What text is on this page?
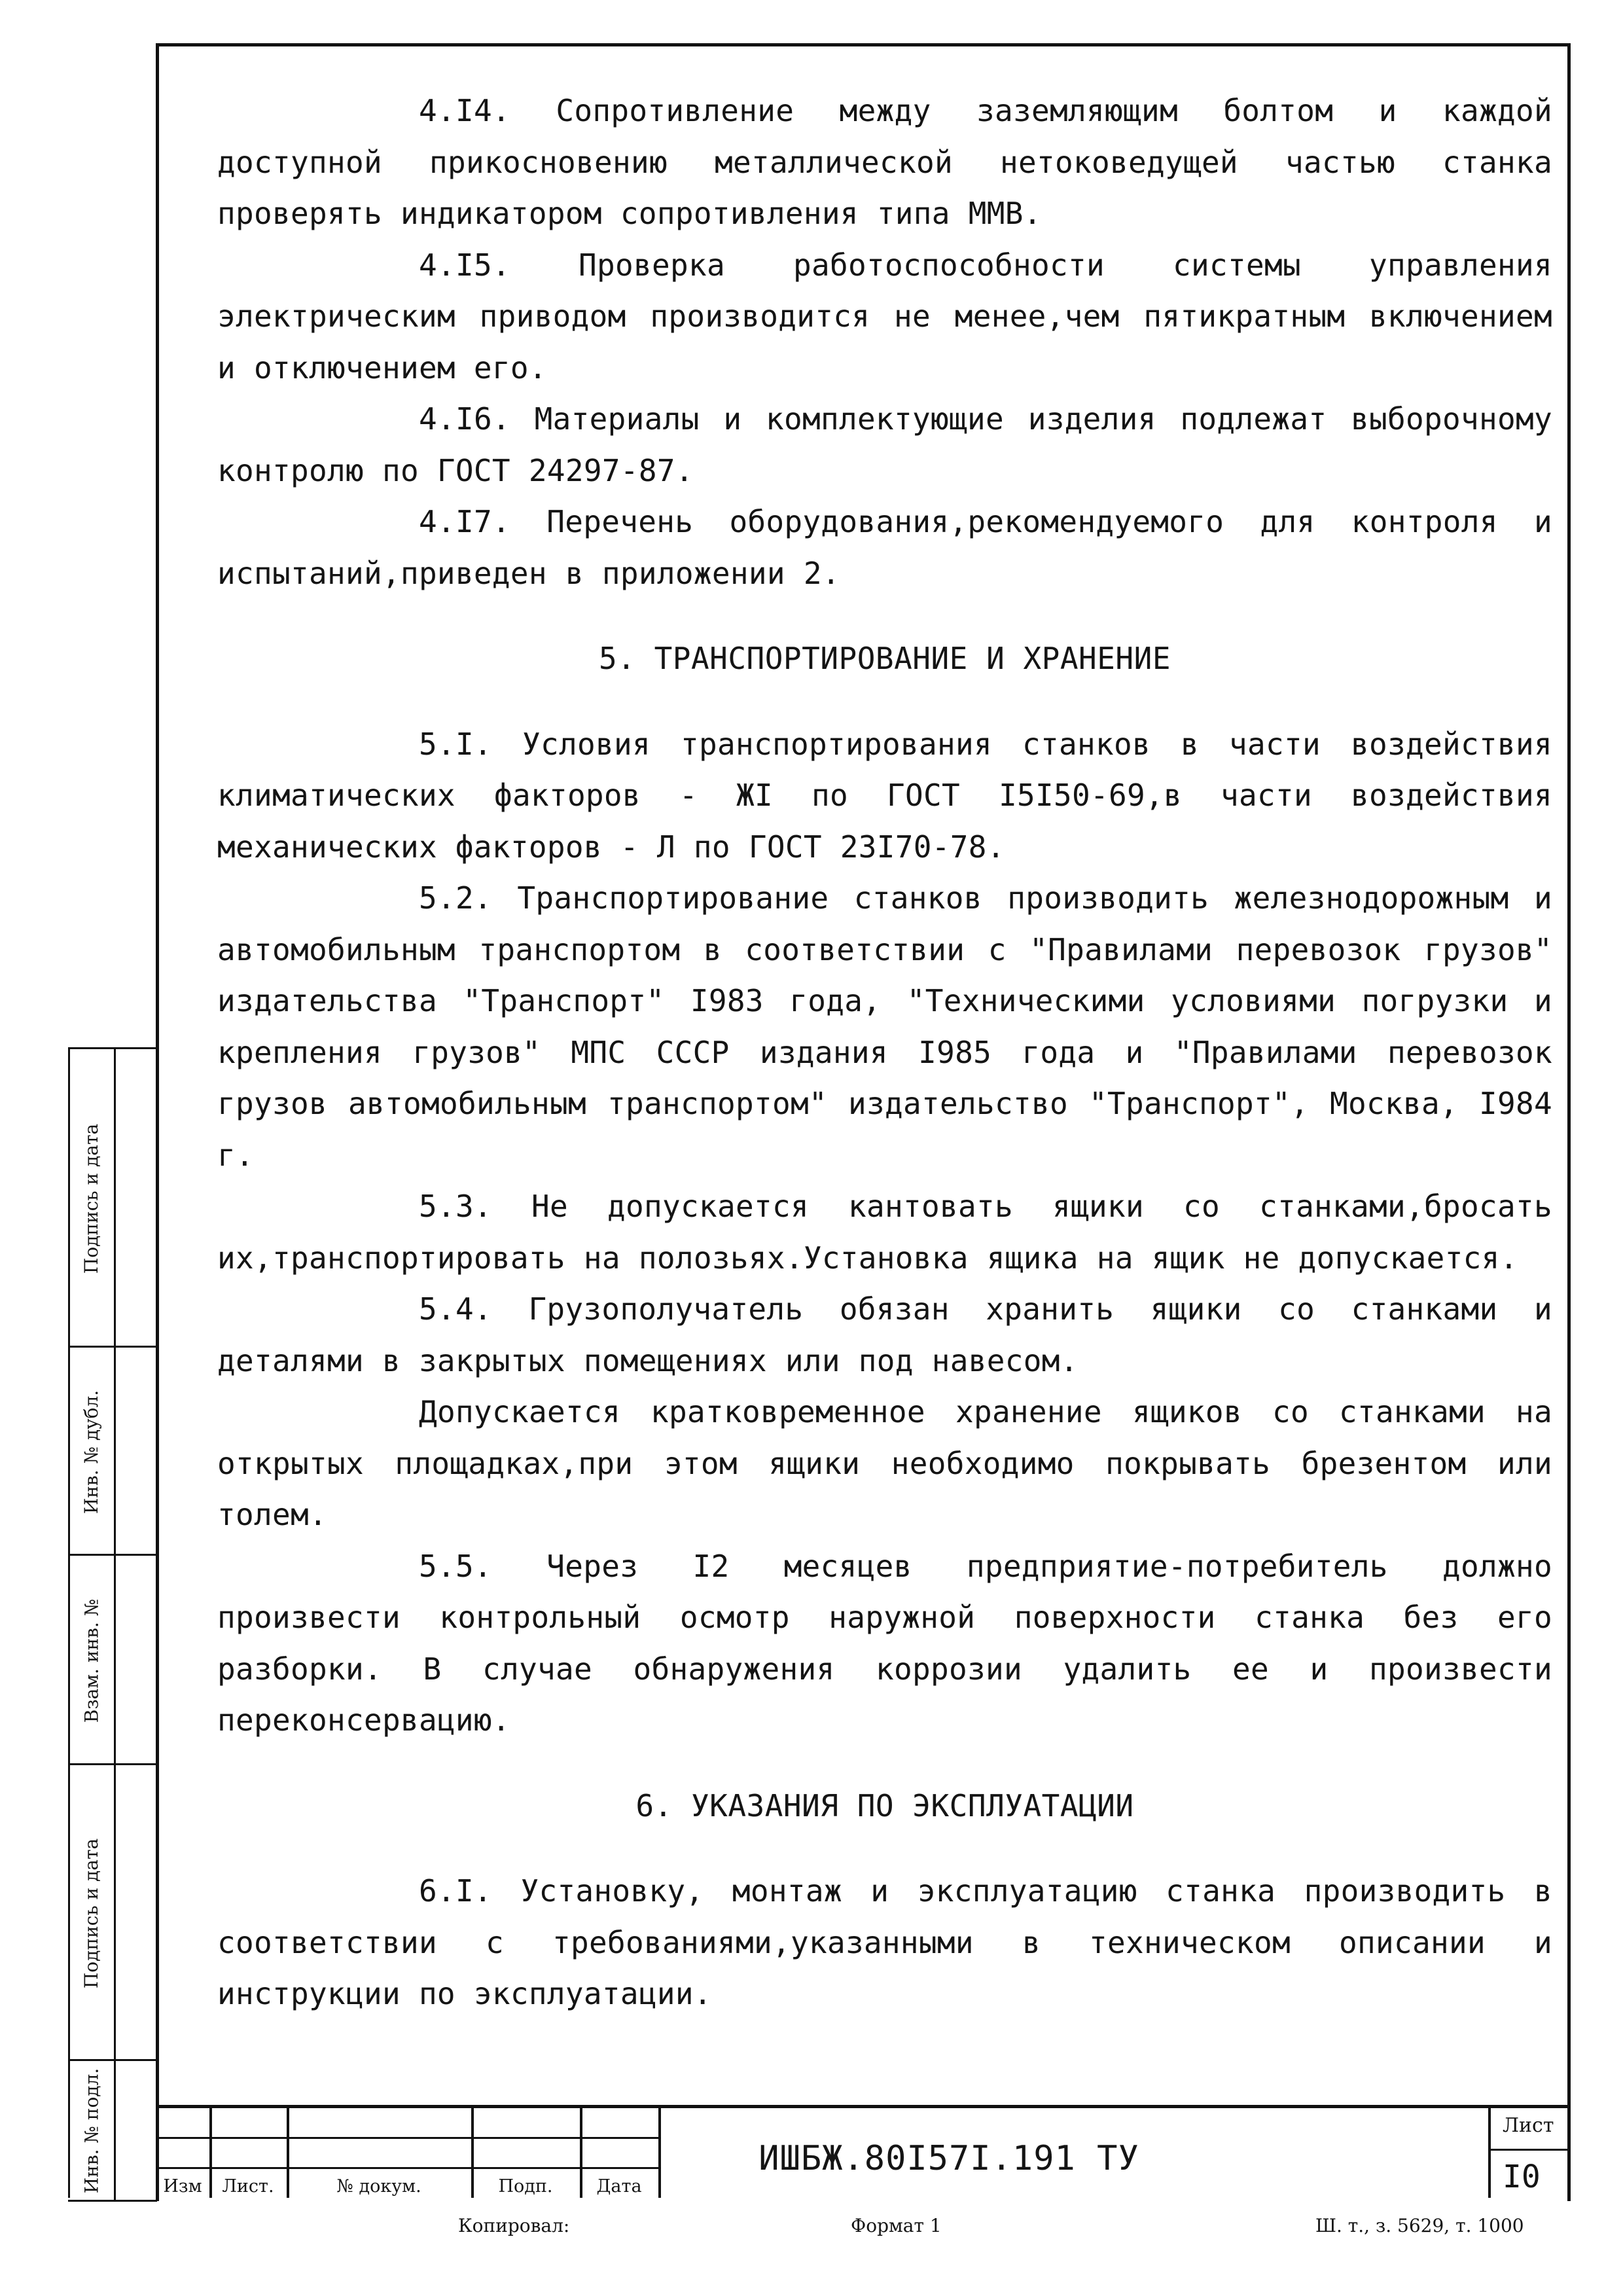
4.I4. Сопротивление между заземляющим болтом и каждой доступной прикосновению металлической нетоковедущей частью станка проверять индикатором сопротивления типа ММВ.

4.I5. Проверка работоспособности системы управления электрическим приводом производится не менее,чем пятикратным включением и отключением его.

4.I6. Материалы и комплектующие изделия подлежат выборочному контролю по ГОСТ 24297-87.

4.I7. Перечень оборудования,рекомендуемого для контроля и испытаний,приведен в приложении 2.

5. ТРАНСПОРТИРОВАНИЕ И ХРАНЕНИЕ

5.I. Условия транспортирования станков в части воздействия климатических факторов - ЖI по ГОСТ I5I50-69,в части воздействия механических факторов - Л по ГОСТ 23I70-78.

5.2. Транспортирование станков производить железнодорожным и автомобильным транспортом в соответствии с "Правилами перевозок грузов" издательства "Транспорт" I983 года, "Техническими условиями погрузки и крепления грузов" МПС СССР издания I985 года и "Правилами перевозок грузов автомобильным транспортом" издательство "Транспорт", Москва, I984 г.

5.3. Не допускается кантовать ящики со станками,бросать их,транспортировать на полозьях.Установка ящика на ящик не допускается.

5.4. Грузополучатель обязан хранить ящики со станками и деталями в закрытых помещениях или под навесом.

Допускается кратковременное хранение ящиков со станками на открытых площадках,при этом ящики необходимо покрывать брезентом или толем.

5.5. Через I2 месяцев предприятие-потребитель должно произвести контрольный осмотр наружной поверхности станка без его разборки. В случае обнаружения коррозии удалить ее и произвести переконсервацию.

6. УКАЗАНИЯ ПО ЭКСПЛУАТАЦИИ

6.I. Установку, монтаж и эксплуатацию станка производить в соответствии с требованиями,указанными в техническом описании и инструкции по эксплуатации.

Подпись и дата
Инв. № дубл.
Взам. инв. №
Подпись и дата
Инв. № подл.	Изм	Лист.	№ докум.	Подп.	Дата
ИШБЖ.80I57I.191 ТУ
Лист
I0
Копировал:	Формат 1	Ш. т., з. 5629, т. 1000
